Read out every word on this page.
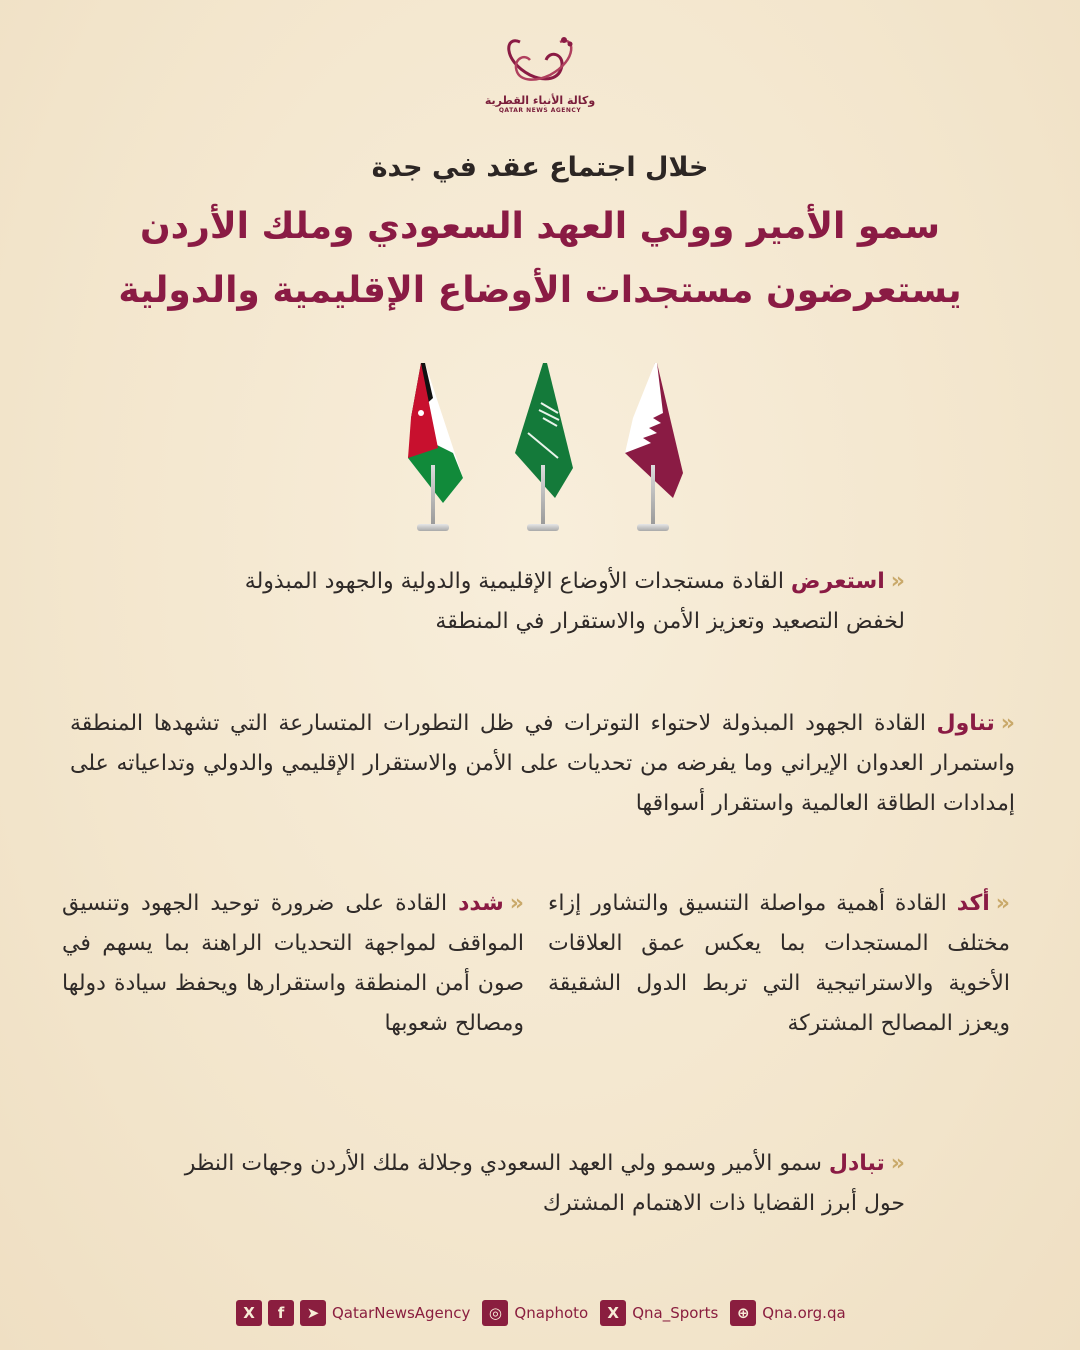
وكالة الأنباء القطرية
QATAR NEWS AGENCY
خلال اجتماع عقد في جدة
سمو الأمير وولي العهد السعودي وملك الأردن
يستعرضون مستجدات الأوضاع الإقليمية والدولية
«استعرض القادة مستجدات الأوضاع الإقليمية والدولية والجهود المبذولة لخفض التصعيد وتعزيز الأمن والاستقرار في المنطقة
«تناول القادة الجهود المبذولة لاحتواء التوترات في ظل التطورات المتسارعة التي تشهدها المنطقة واستمرار العدوان الإيراني وما يفرضه من تحديات على الأمن والاستقرار الإقليمي والدولي وتداعياته على إمدادات الطاقة العالمية واستقرار أسواقها
«أكد القادة أهمية مواصلة التنسيق والتشاور إزاء مختلف المستجدات بما يعكس عمق العلاقات الأخوية والاستراتيجية التي تربط الدول الشقيقة ويعزز المصالح المشتركة
«شدد القادة على ضرورة توحيد الجهود وتنسيق المواقف لمواجهة التحديات الراهنة بما يسهم في صون أمن المنطقة واستقرارها ويحفظ سيادة دولها ومصالح شعوبها
«تبادل سمو الأمير وسمو ولي العهد السعودي وجلالة ملك الأردن وجهات النظر حول أبرز القضايا ذات الاهتمام المشترك
X	f	➤ QatarNewsAgency	◎ Qnaphoto	X Qna_Sports	⊕ Qna.org.qa
